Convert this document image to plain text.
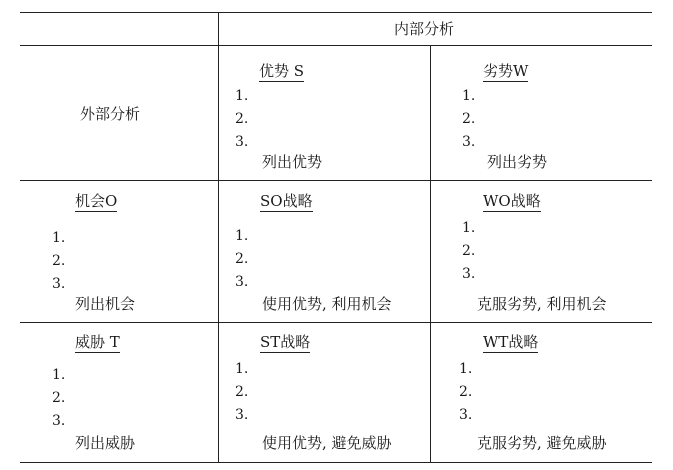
内部分析
外部分析
优势 S
1.
2.
3.
列出优势
劣势W
1.
2.
3.
列出劣势
机会O
1.
2.
3.
列出机会
SO战略
1.
2.
3.
使用优势, 利用机会
WO战略
1.
2.
3.
克服劣势, 利用机会
威胁 T
1.
2.
3.
列出威胁
ST战略
1.
2.
3.
使用优势, 避免威胁
WT战略
1.
2.
3.
克服劣势, 避免威胁
